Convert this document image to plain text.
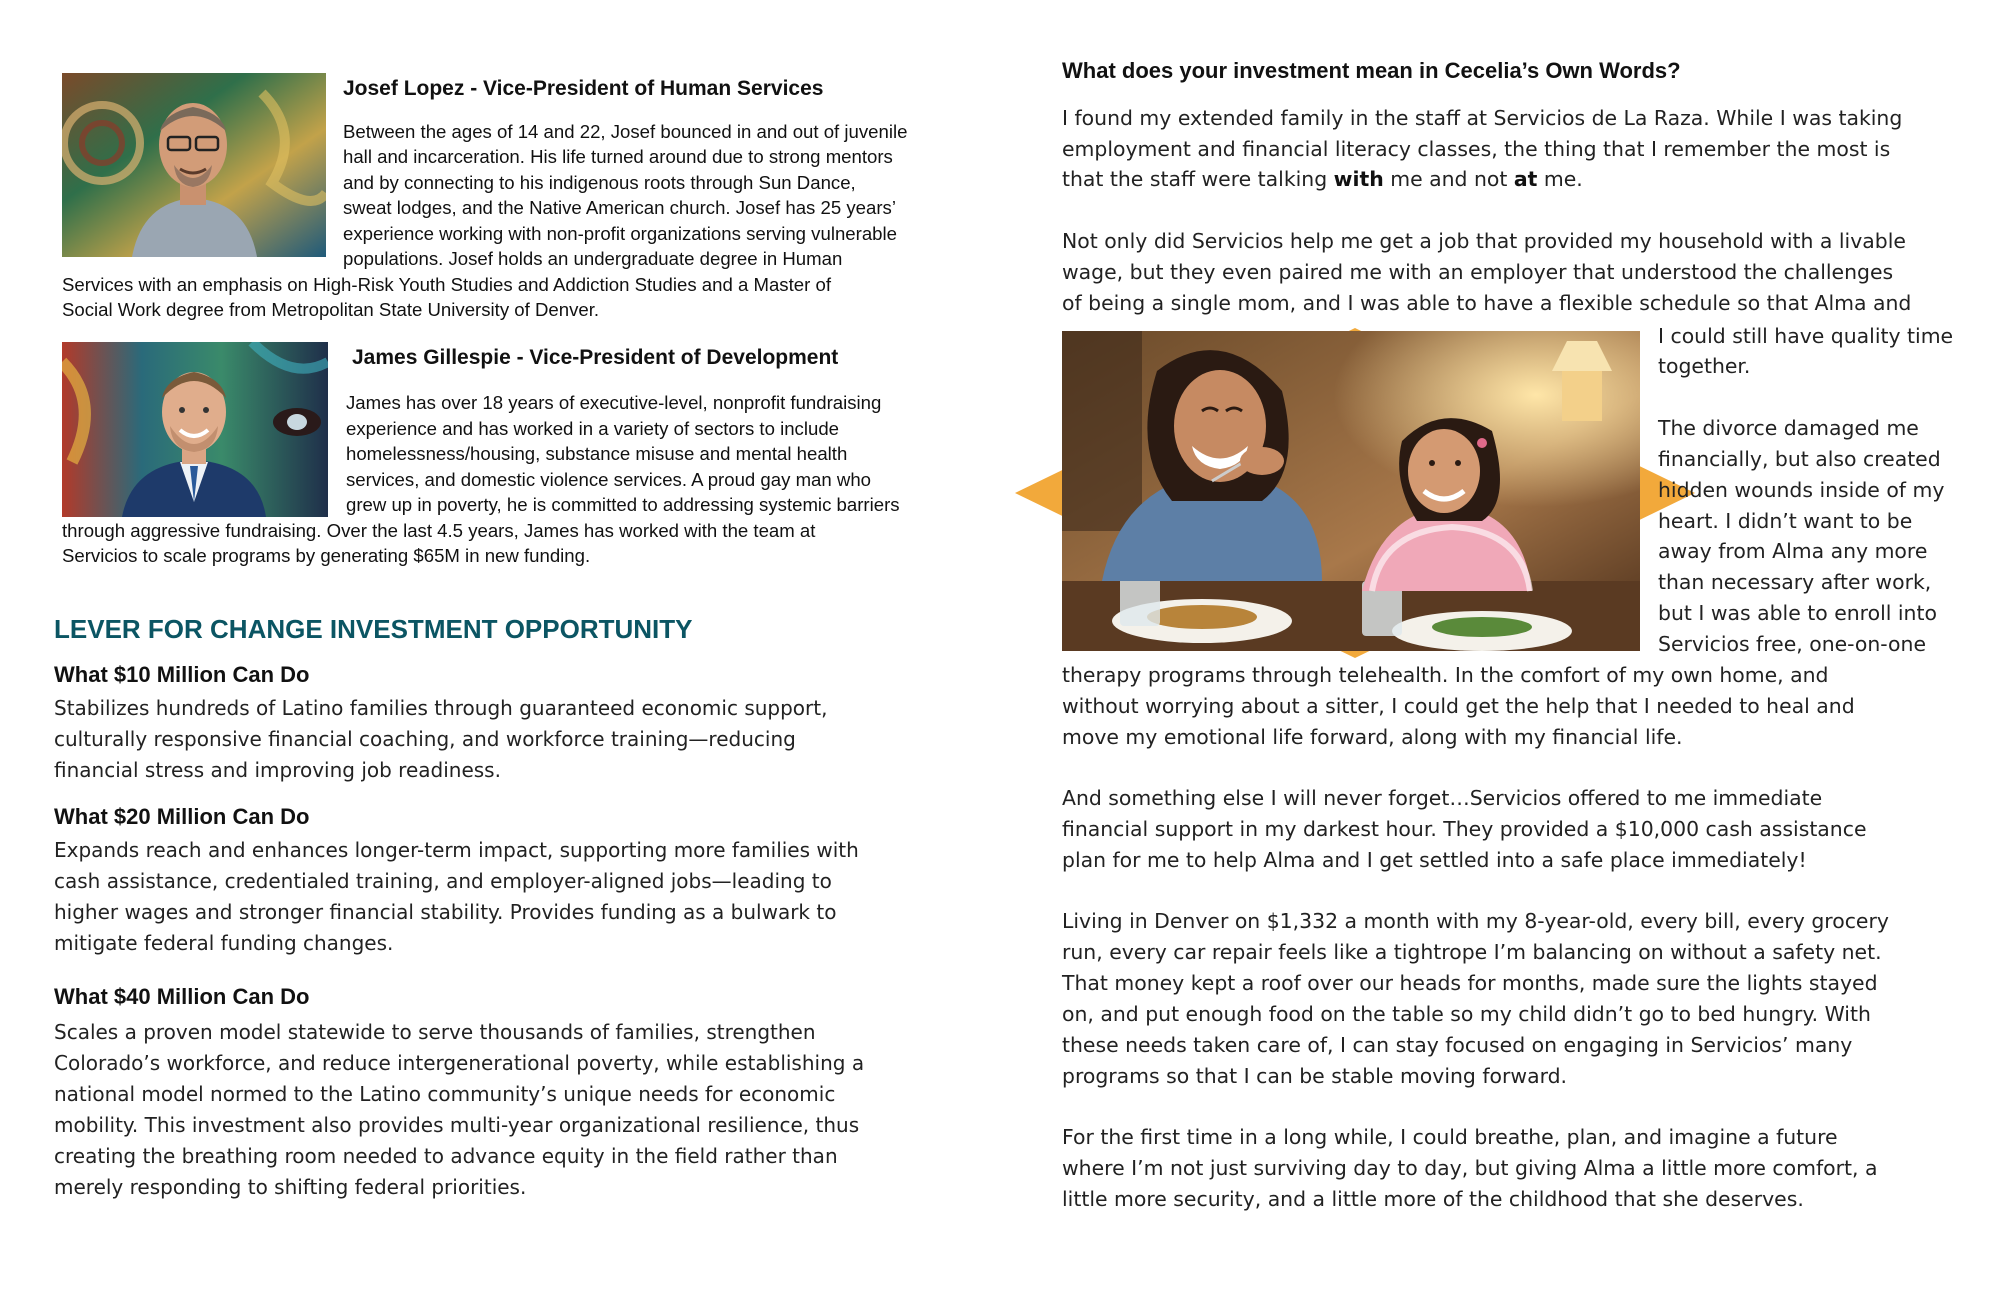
Josef Lopez - Vice-President of Human Services
Between the ages of 14 and 22, Josef bounced in and out of juvenile
hall and incarceration. His life turned around due to strong mentors
and by connecting to his indigenous roots through Sun Dance,
sweat lodges, and the Native American church. Josef has 25 years’
experience working with non-profit organizations serving vulnerable
populations. Josef holds an undergraduate degree in Human
Services with an emphasis on High-Risk Youth Studies and Addiction Studies and a Master of
Social Work degree from Metropolitan State University of Denver.
James Gillespie - Vice-President of Development
James has over 18 years of executive-level, nonprofit fundraising
experience and has worked in a variety of sectors to include
homelessness/housing, substance misuse and mental health
services, and domestic violence services. A proud gay man who
grew up in poverty, he is committed to addressing systemic barriers
through aggressive fundraising. Over the last 4.5 years, James has worked with the team at
Servicios to scale programs by generating $65M in new funding.
LEVER FOR CHANGE INVESTMENT OPPORTUNITY
What $10 Million Can Do
Stabilizes hundreds of Latino families through guaranteed economic support,
culturally responsive financial coaching, and workforce training—reducing
financial stress and improving job readiness.
What $20 Million Can Do
Expands reach and enhances longer-term impact, supporting more families with
cash assistance, credentialed training, and employer-aligned jobs—leading to
higher wages and stronger financial stability. Provides funding as a bulwark to
mitigate federal funding changes.
What $40 Million Can Do
Scales a proven model statewide to serve thousands of families, strengthen
Colorado’s workforce, and reduce intergenerational poverty, while establishing a
national model normed to the Latino community’s unique needs for economic
mobility. This investment also provides multi-year organizational resilience, thus
creating the breathing room needed to advance equity in the field rather than
merely responding to shifting federal priorities.
What does your investment mean in Cecelia’s Own Words?
I found my extended family in the staff at Servicios de La Raza. While I was taking
employment and financial literacy classes, the thing that I remember the most is
that the staff were talking with me and not at me.
Not only did Servicios help me get a job that provided my household with a livable
wage, but they even paired me with an employer that understood the challenges
of being a single mom, and I was able to have a flexible schedule so that Alma and
I could still have quality time
together.
The divorce damaged me
financially, but also created
hidden wounds inside of my
heart. I didn’t want to be
away from Alma any more
than necessary after work,
but I was able to enroll into
Servicios free, one-on-one
therapy programs through telehealth. In the comfort of my own home, and
without worrying about a sitter, I could get the help that I needed to heal and
move my emotional life forward, along with my financial life.
And something else I will never forget…Servicios offered to me immediate
financial support in my darkest hour. They provided a $10,000 cash assistance
plan for me to help Alma and I get settled into a safe place immediately!
Living in Denver on $1,332 a month with my 8-year-old, every bill, every grocery
run, every car repair feels like a tightrope I’m balancing on without a safety net.
That money kept a roof over our heads for months, made sure the lights stayed
on, and put enough food on the table so my child didn’t go to bed hungry. With
these needs taken care of, I can stay focused on engaging in Servicios’ many
programs so that I can be stable moving forward.
For the first time in a long while, I could breathe, plan, and imagine a future
where I’m not just surviving day to day, but giving Alma a little more comfort, a
little more security, and a little more of the childhood that she deserves.
